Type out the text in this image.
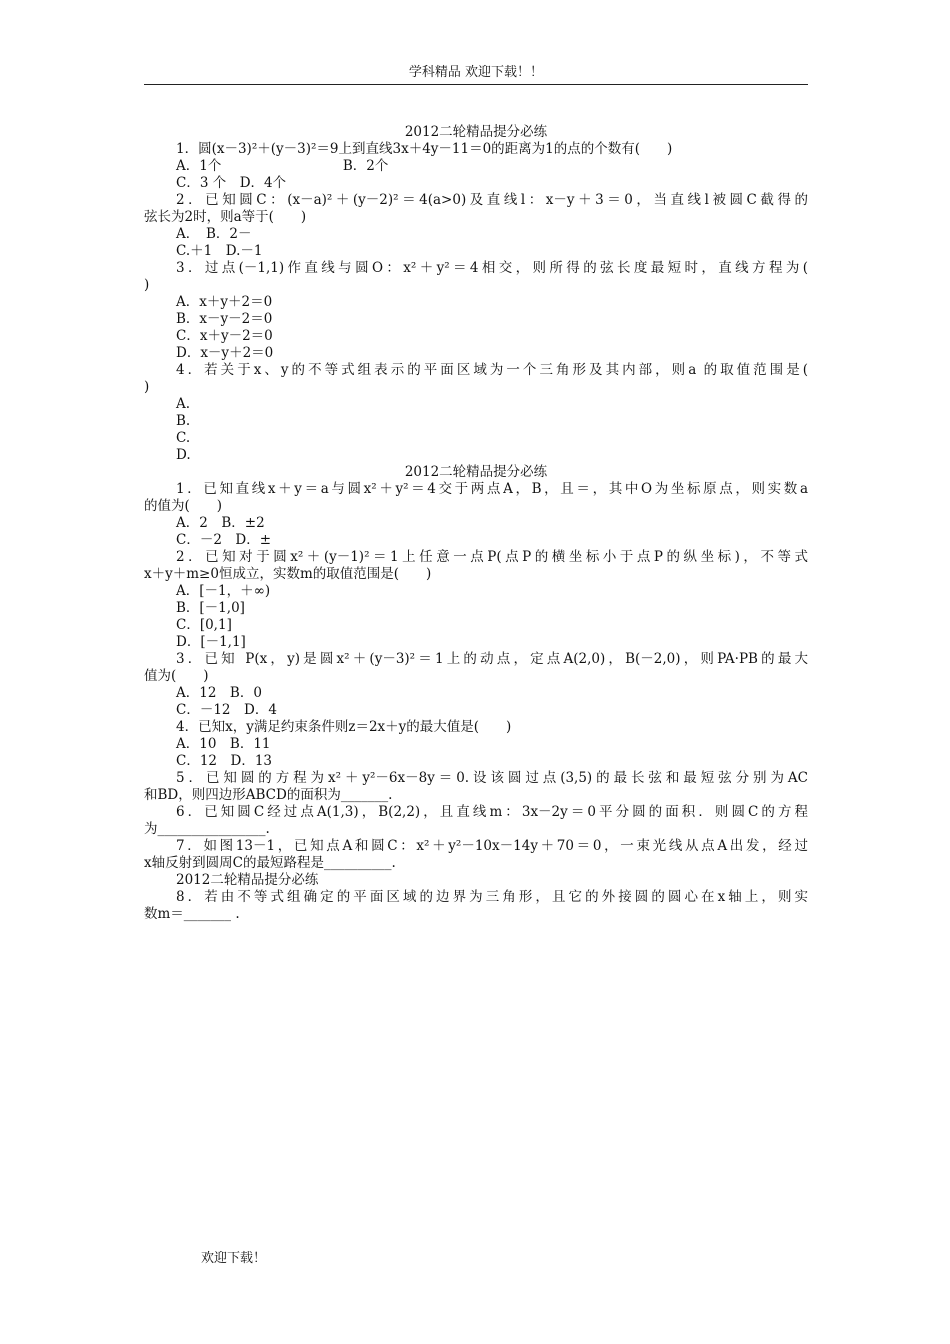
学科精品 欢迎下载！！
2012二轮精品提分必练
1．圆(x－3)²＋(y－3)²＝9上到直线3x＋4y－11＝0的距离为1的点的个数有(　　)
A．1个　　　　　　　　　B．2个
C．3 个　D．4个
2．已知圆C：(x－a)²＋(y－2)²＝4(a>0)及直线l：x－y＋3＝0，当直线l被圆C截得的
弦长为2时，则a等于(　　)
A．　B．2－
C.＋1　D.－1
3．过点(－1,1)作直线与圆O：x²＋y²＝4相交，则所得的弦长度最短时，直线方程为(
)
A．x＋y＋2＝0
B．x－y－2＝0
C．x＋y－2＝0
D．x－y＋2＝0
4．若关于x、y的不等式组表示的平面区域为一个三角形及其内部，则a 的取值范围是(
)
A.
B.
C.
D.
2012二轮精品提分必练
1．已知直线x＋y＝a与圆x²＋y²＝4交于两点A，B，且＝，其中O为坐标原点，则实数a
的值为(　　)
A．2　B．±2
C．－2　D．±
2．已知对于圆x²＋(y－1)²＝1上任意一点P(点P的横坐标小于点P的纵坐标)，不等式
x＋y＋m≥0恒成立，实数m的取值范围是(　　)
A．[－1，＋∞)
B．[－1,0]
C．[0,1]
D．[－1,1]
3．已知 P(x，y)是圆x²＋(y－3)²＝1上的动点，定点A(2,0)，B(－2,0)，则PA·PB的最大
值为(　　)
A．12　B．0
C．－12　D．4
4．已知x，y满足约束条件则z＝2x＋y的最大值是(　　)
A．10　B．11
C．12　D．13
5．已知圆的方程为x²＋y²－6x－8y＝0.设该圆过点(3,5)的最长弦和最短弦分别为AC
和BD，则四边形ABCD的面积为_______.
6．已知圆C经过点A(1,3)，B(2,2)，且直线m：3x－2y＝0平分圆的面积．则圆C的方程
为________________.
7．如图13－1，已知点A和圆C：x²＋y²－10x－14y＋70＝0，一束光线从点A出发，经过
x轴反射到圆周C的最短路程是__________.
2012二轮精品提分必练
8．若由不等式组确定的平面区域的边界为三角形，且它的外接圆的圆心在x轴上，则实
数m＝_______ .
欢迎下载！
